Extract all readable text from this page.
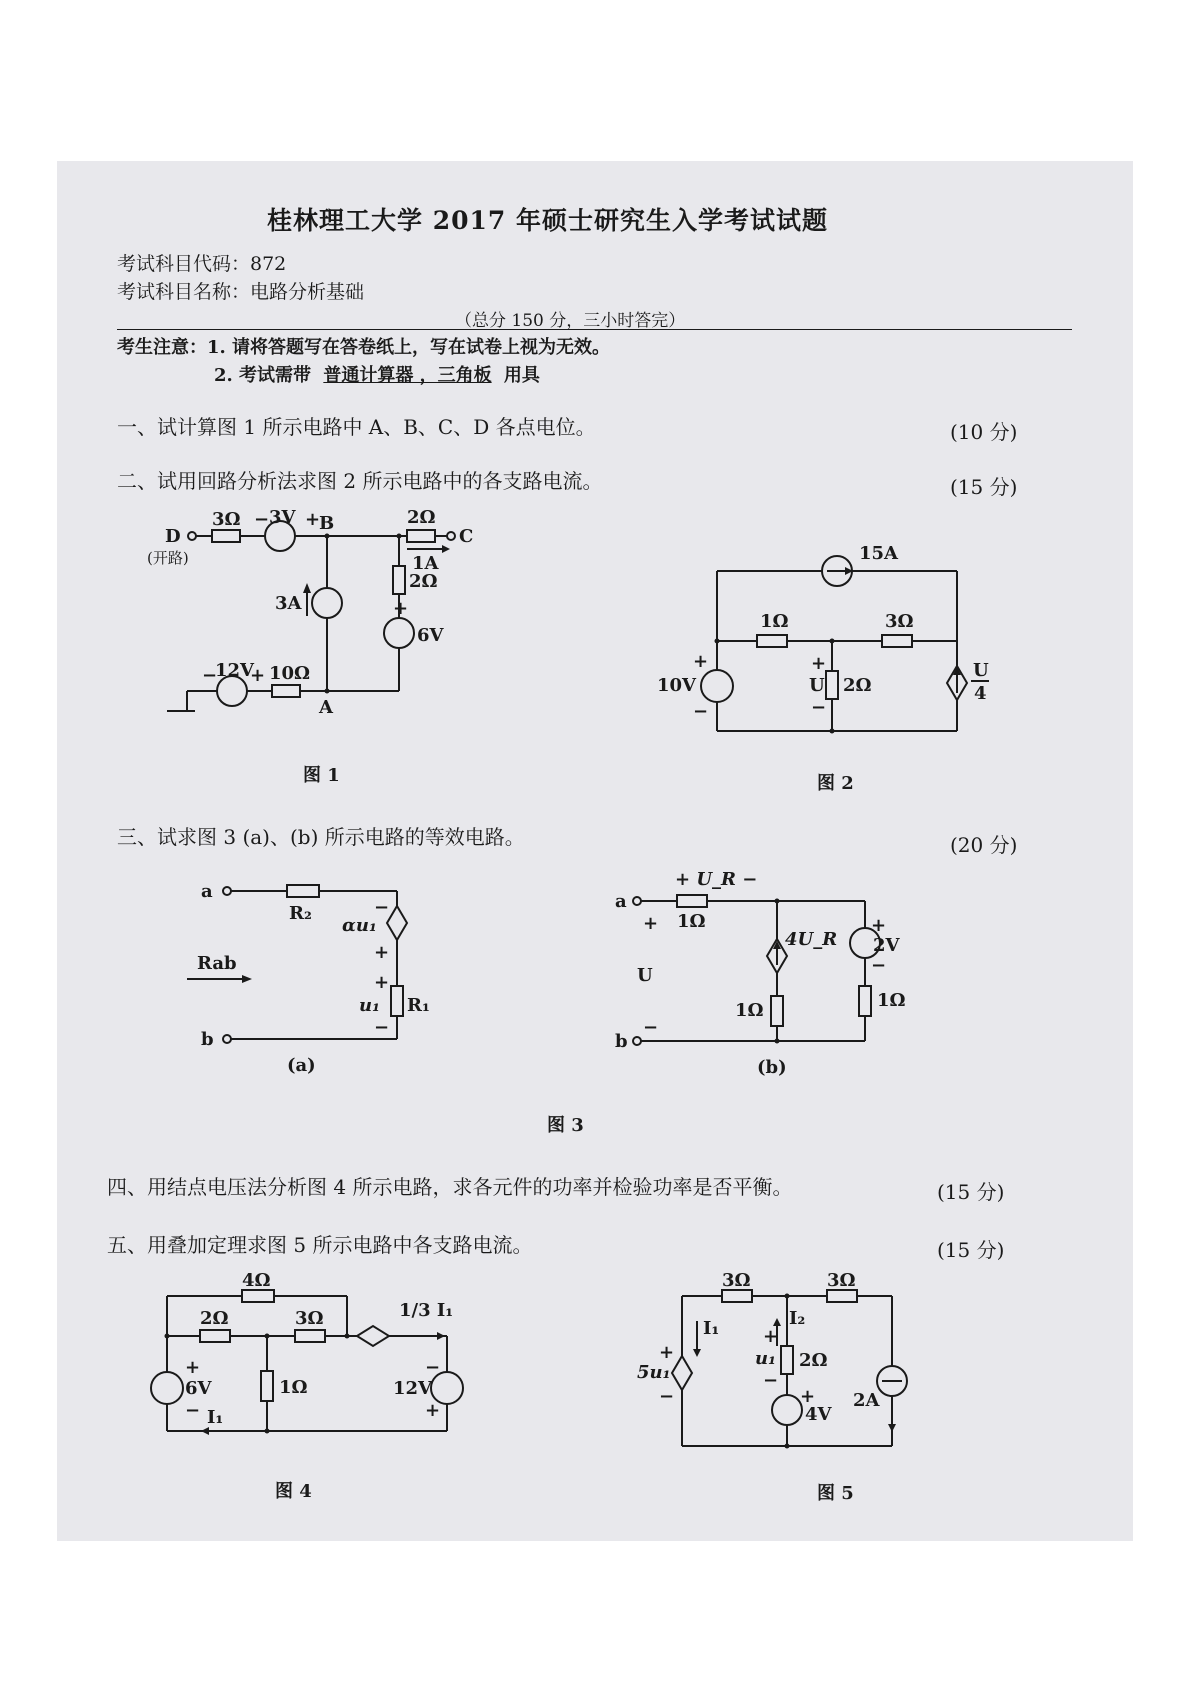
桂林理工大学 2017 年硕士研究生入学考试试题
考试科目代码：872
考试科目名称：电路分析基础
（总分 150 分，三小时答完）
考生注意：1. 请将答题写在答卷纸上，写在试卷上视为无效。
2. 考试需带 普通计算器 ，三角板 用具
一、试计算图 1 所示电路中 A、B、C、D 各点电位。	(10 分)
二、试用回路分析法求图 2 所示电路中的各支路电流。	(15 分)
D
(开路)
3Ω − 3V +
B	2Ω
C
1A
2Ω
+
6V
3A
−
12V
+ 10Ω
A
图 1
15A
1Ω	3Ω
+
10V
−
+
U
−
2Ω
U
4
图 2
三、试求图 3 (a)、(b) 所示电路的等效电路。	(20 分)
a
b
R₂
αu₁
−
+
+
u₁
−
R₁
Rab
(a)
a
b
+
U
−
+ U_R −
1Ω
4U_R
+
2V
−
1Ω	1Ω
(b)
图 3
四、用结点电压法分析图 4 所示电路，求各元件的功率并检验功率是否平衡。	(15 分)
五、用叠加定理求图 5 所示电路中各支路电流。	(15 分)
4Ω
2Ω	3Ω
1Ω
+
6V
−
−
12V
+
I₁
1/3 I₁
图 4
3Ω	3Ω
I₁	I₂
+
5u₁
−
+
u₁
−
2Ω
+
4V
2A
图 5
